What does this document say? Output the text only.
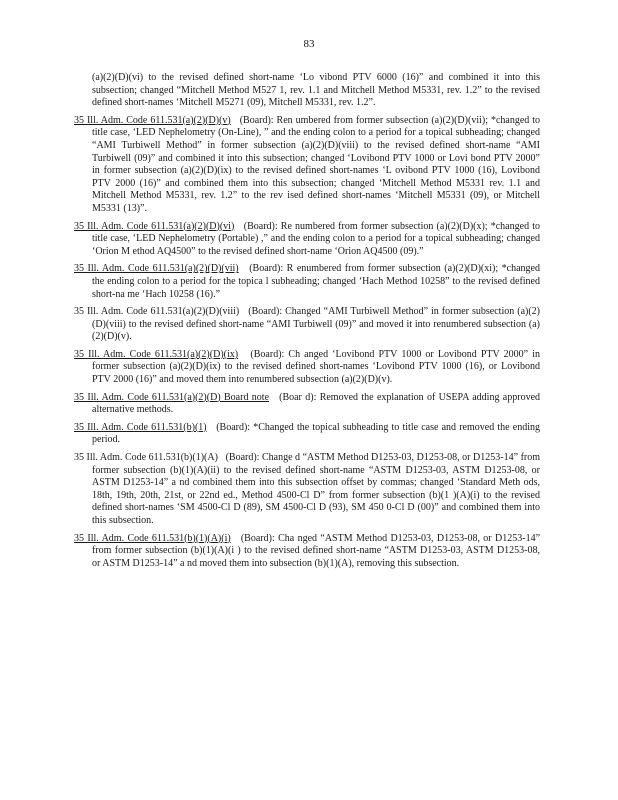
83
(a)(2)(D)(vi) to the revised defined short-name ‘Lo vibond PTV 6000 (16)” and combined it into this subsection; changed “Mitchell Method M527 1, rev. 1.1 and Mitchell Method M5331, rev. 1.2” to the revised defined short-names ‘Mitchell M5271 (09), Mitchell M5331, rev. 1.2”.
35 Ill. Adm. Code 611.531(a)(2)(D)(v) (Board): Ren umbered from former subsection (a)(2)(D)(vii); *changed to title case, ‘LED Nephelometry (On-Line), ” and the ending colon to a period for a topical subheading; changed “AMI Turbiwell Method” in former subsection (a)(2)(D)(viii) to the revised defined short-name “AMI Turbiwell (09)” and combined it into this subsection; changed ‘Lovibond PTV 1000 or Lovi bond PTV 2000” in former subsection (a)(2)(D)(ix) to the revised defined short-names ‘L ovibond PTV 1000 (16), Lovibond PTV 2000 (16)” and combined them into this subsection; changed ‘Mitchell Method M5331 rev. 1.1 and Mitchell Method M5331, rev. 1.2” to the rev ised defined short-names ‘Mitchell M5331 (09), or Mitchell M5331 (13)”.
35 Ill. Adm. Code 611.531(a)(2)(D)(vi) (Board): Re numbered from former subsection (a)(2)(D)(x); *changed to title case, ‘LED Nephelometry (Portable) ,” and the ending colon to a period for a topical subheading; changed ‘Orion M ethod AQ4500” to the revised defined short-name ‘Orion AQ4500 (09).”
35 Ill. Adm. Code 611.531(a)(2)(D)(vii) (Board): R enumbered from former subsection (a)(2)(D)(xi); *changed the ending colon to a period for the topica l subheading; changed ‘Hach Method 10258” to the revised defined short-na me ‘Hach 10258 (16).”
35 Ill. Adm. Code 611.531(a)(2)(D)(viii) (Board): Changed “AMI Turbiwell Method” in former subsection (a)(2)(D)(viii) to the revised defined short-name “AMI Turbiwell (09)” and moved it into renumbered subsection (a)(2)(D)(v).
35 Ill. Adm. Code 611.531(a)(2)(D)(ix) (Board): Ch anged ‘Lovibond PTV 1000 or Lovibond PTV 2000” in former subsection (a)(2)(D)(ix) to the revised defined short-names ‘Lovibond PTV 1000 (16), or Lovibond PTV 2000 (16)” and moved them into renumbered subsection (a)(2)(D)(v).
35 Ill. Adm. Code 611.531(a)(2)(D) Board note (Boar d): Removed the explanation of USEPA adding approved alternative methods.
35 Ill. Adm. Code 611.531(b)(1) (Board): *Changed the topical subheading to title case and removed the ending period.
35 Ill. Adm. Code 611.531(b)(1)(A) (Board): Change d “ASTM Method D1253-03, D1253-08, or D1253-14” from former subsection (b)(1)(A)(ii) to the revised defined short-name “ASTM D1253-03, ASTM D1253-08, or ASTM D1253-14” a nd combined them into this subsection offset by commas; changed ‘Standard Meth ods, 18th, 19th, 20th, 21st, or 22nd ed., Method 4500-Cl D” from former subsection (b)(1 )(A)(i) to the revised defined short-names ‘SM 4500-Cl D (89), SM 4500-Cl D (93), SM 450 0-Cl D (00)” and combined them into this subsection.
35 Ill. Adm. Code 611.531(b)(1)(A)(i) (Board): Cha nged “ASTM Method D1253-03, D1253-08, or D1253-14” from former subsection (b)(1)(A)(i ) to the revised defined short-name “ASTM D1253-03, ASTM D1253-08, or ASTM D1253-14” a nd moved them into subsection (b)(1)(A), removing this subsection.
